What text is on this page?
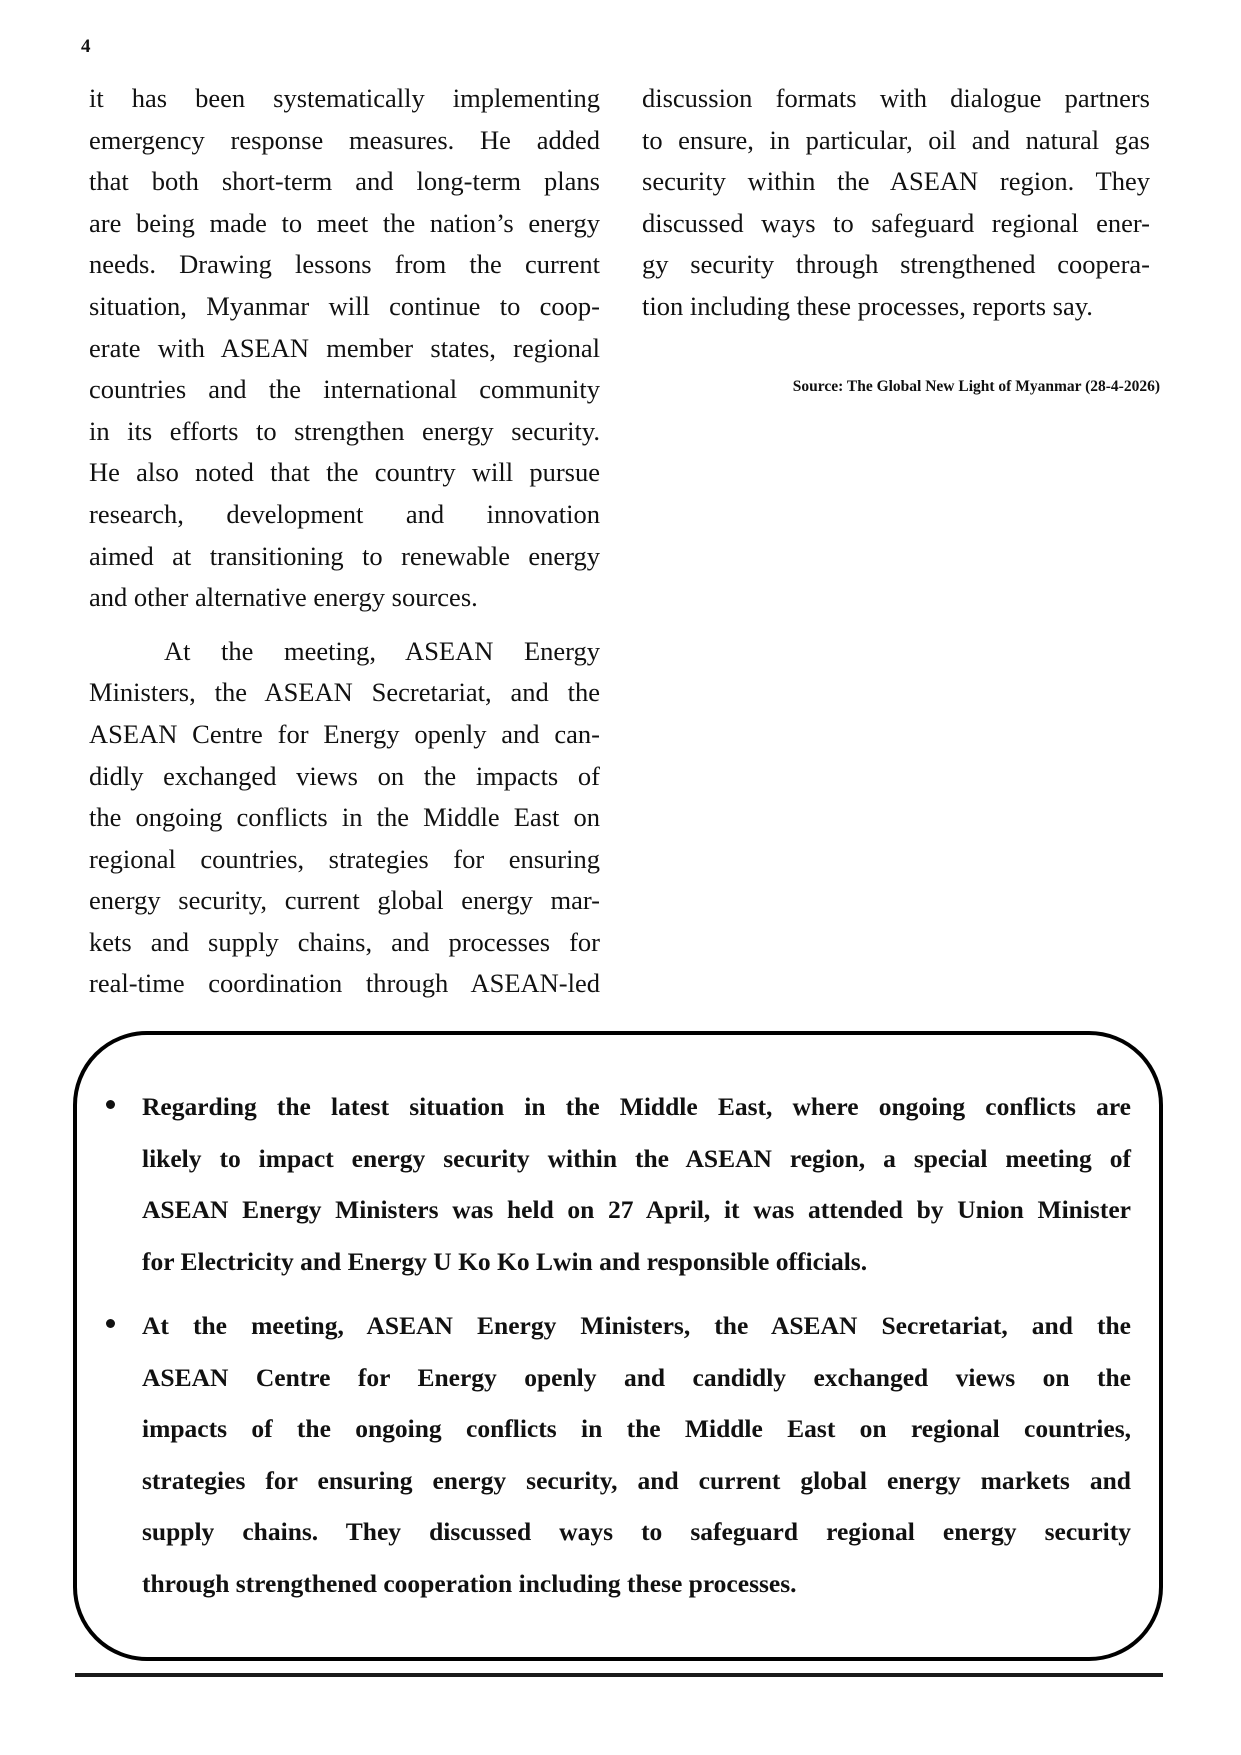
4
it has been systematically implementing
emergency response measures. He added
that both short-term and long-term plans
are being made to meet the nation’s energy
needs. Drawing lessons from the current
situation, Myanmar will continue to coop-
erate with ASEAN member states, regional
countries and the international community
in its efforts to strengthen energy security.
He also noted that the country will pursue
research, development and innovation
aimed at transitioning to renewable energy
and other alternative energy sources.
At the meeting, ASEAN Energy
Ministers, the ASEAN Secretariat, and the
ASEAN Centre for Energy openly and can-
didly exchanged views on the impacts of
the ongoing conflicts in the Middle East on
regional countries, strategies for ensuring
energy security, current global energy mar-
kets and supply chains, and processes for
real-time coordination through ASEAN-led
discussion formats with dialogue partners
to ensure, in particular, oil and natural gas
security within the ASEAN region. They
discussed ways to safeguard regional ener-
gy security through strengthened coopera-
tion including these processes, reports say.
Source: The Global New Light of Myanmar (28-4-2026)
Regarding the latest situation in the Middle East, where ongoing conflicts are
likely to impact energy security within the ASEAN region, a special meeting of
ASEAN Energy Ministers was held on 27 April, it was attended by Union Minister
for Electricity and Energy U Ko Ko Lwin and responsible officials.
At the meeting, ASEAN Energy Ministers, the ASEAN Secretariat, and the
ASEAN Centre for Energy openly and candidly exchanged views on the
impacts of the ongoing conflicts in the Middle East on regional countries,
strategies for ensuring energy security, and current global energy markets and
supply chains. They discussed ways to safeguard regional energy security
through strengthened cooperation including these processes.
